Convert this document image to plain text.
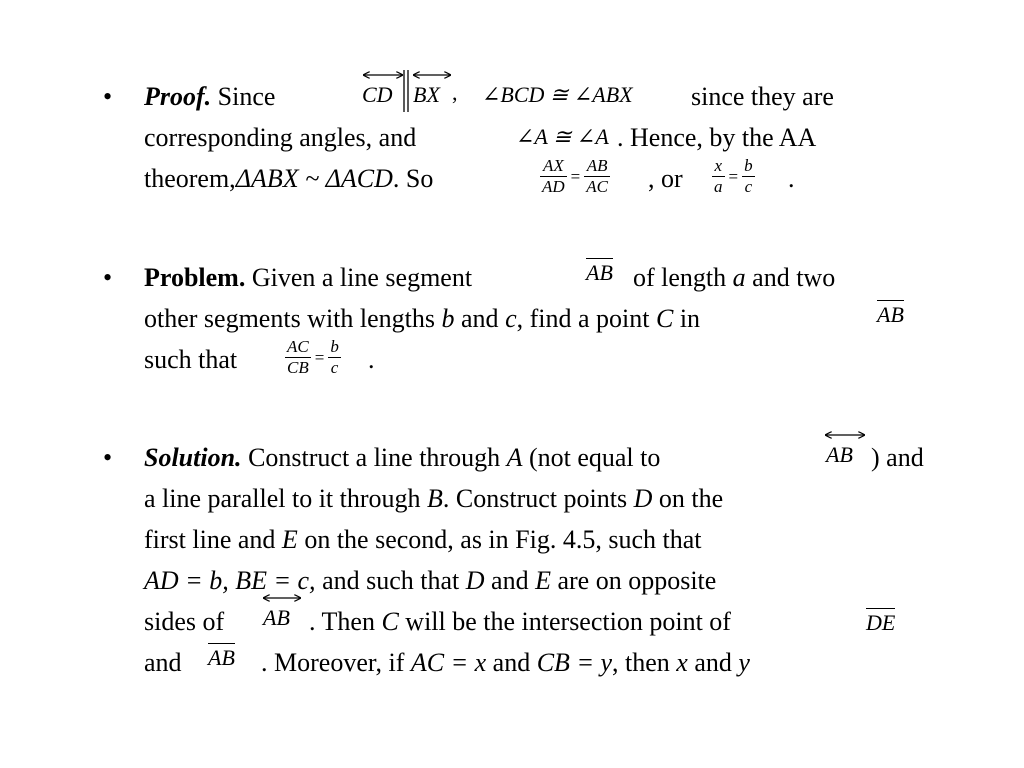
• Proof. Since	CD BX , ∠BCD ≅ ∠ABX since they are
corresponding angles, and	∠A ≅ ∠A . Hence, by the AA
theorem,ΔABX ~ ΔACD. So	AX
AD
=
AB
AC , or x
a
=
b
c .
• Problem. Given a line segment	AB of length a and two
other segments with lengths b and c, find a point C in	AB
such that	AC
CB
=
b
c .
• Solution. Construct a line through A (not equal to	AB ) and
a line parallel to it through B. Construct points D on the
first line and E on the second, as in Fig. 4.5, such that
AD = b, BE = c, and such that D and E are on opposite
sides of AB . Then C will be the intersection point of	DE
and AB . Moreover, if AC = x and CB = y, then x and y
